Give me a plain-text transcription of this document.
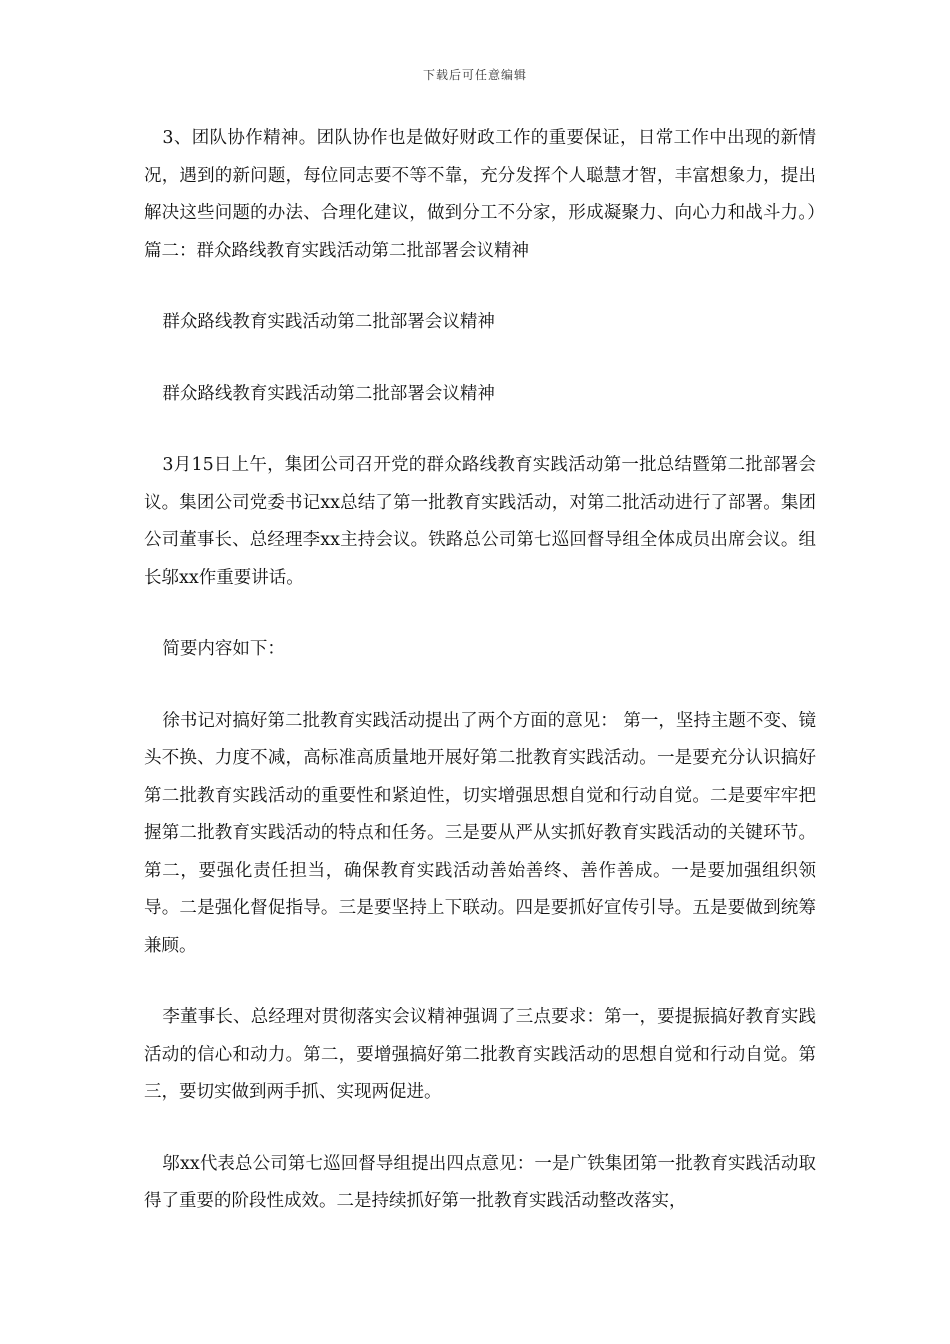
下载后可任意编辑

3、团队协作精神。团队协作也是做好财政工作的重要保证，日常工作中出现的新情况，遇到的新问题，每位同志要不等不靠，充分发挥个人聪慧才智，丰富想象力，提出解决这些问题的办法、合理化建议，做到分工不分家，形成凝聚力、向心力和战斗力。）篇二：群众路线教育实践活动第二批部署会议精神

群众路线教育实践活动第二批部署会议精神

群众路线教育实践活动第二批部署会议精神

3月15日上午，集团公司召开党的群众路线教育实践活动第一批总结暨第二批部署会议。集团公司党委书记xx总结了第一批教育实践活动，对第二批活动进行了部署。集团公司董事长、总经理李xx主持会议。铁路总公司第七巡回督导组全体成员出席会议。组长邬xx作重要讲话。

简要内容如下：

徐书记对搞好第二批教育实践活动提出了两个方面的意见： 第一，坚持主题不变、镜头不换、力度不减，高标准高质量地开展好第二批教育实践活动。一是要充分认识搞好第二批教育实践活动的重要性和紧迫性，切实增强思想自觉和行动自觉。二是要牢牢把握第二批教育实践活动的特点和任务。三是要从严从实抓好教育实践活动的关键环节。第二，要强化责任担当，确保教育实践活动善始善终、善作善成。一是要加强组织领导。二是强化督促指导。三是要坚持上下联动。四是要抓好宣传引导。五是要做到统筹兼顾。

李董事长、总经理对贯彻落实会议精神强调了三点要求：第一，要提振搞好教育实践活动的信心和动力。第二，要增强搞好第二批教育实践活动的思想自觉和行动自觉。第三，要切实做到两手抓、实现两促进。

邬xx代表总公司第七巡回督导组提出四点意见：一是广铁集团第一批教育实践活动取得了重要的阶段性成效。二是持续抓好第一批教育实践活动整改落实，
